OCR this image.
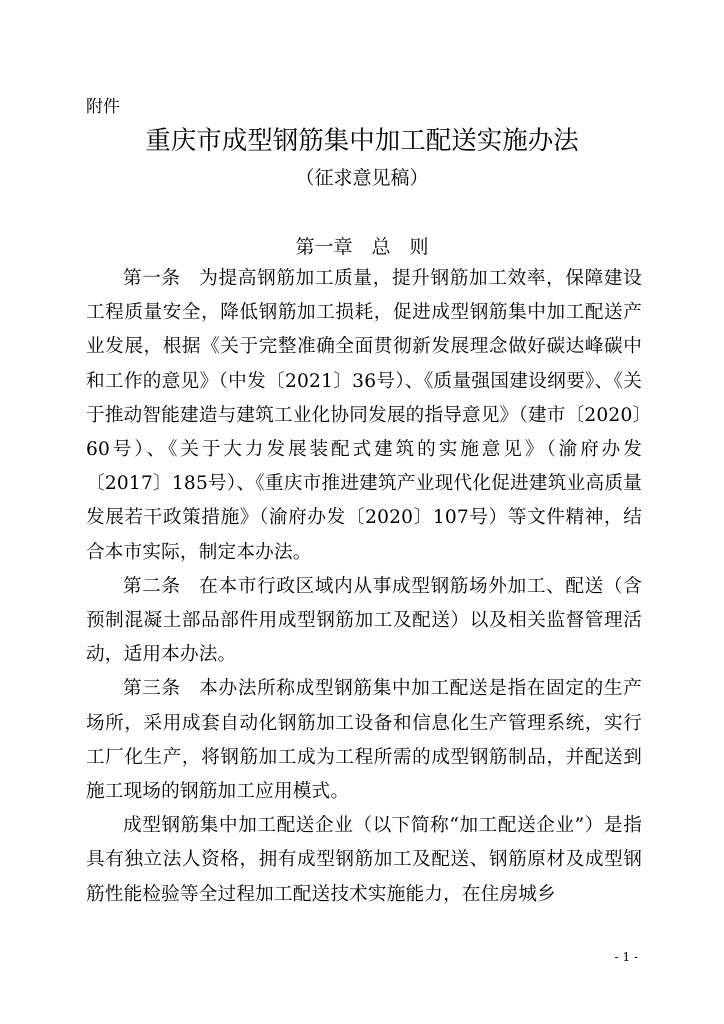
附件
重庆市成型钢筋集中加工配送实施办法
（征求意见稿）
第一章　总　则

第一条 为提高钢筋加工质量，提升钢筋加工效率，保障建设工程质量安全，降低钢筋加工损耗，促进成型钢筋集中加工配送产业发展，根据《关于完整准确全面贯彻新发展理念做好碳达峰碳中和工作的意见》（中发〔2021〕36号）、《质量强国建设纲要》、《关于推动智能建造与建筑工业化协同发展的指导意见》（建市〔2020〕60号）、《关于大力发展装配式建筑的实施意见》（渝府办发〔2017〕185号）、《重庆市推进建筑产业现代化促进建筑业高质量发展若干政策措施》（渝府办发〔2020〕107号）等文件精神，结合本市实际，制定本办法。

第二条 在本市行政区域内从事成型钢筋场外加工、配送（含预制混凝土部品部件用成型钢筋加工及配送）以及相关监督管理活动，适用本办法。

第三条 本办法所称成型钢筋集中加工配送是指在固定的生产场所，采用成套自动化钢筋加工设备和信息化生产管理系统，实行工厂化生产，将钢筋加工成为工程所需的成型钢筋制品，并配送到施工现场的钢筋加工应用模式。

成型钢筋集中加工配送企业（以下简称“加工配送企业”）是指具有独立法人资格，拥有成型钢筋加工及配送、钢筋原材及成型钢筋性能检验等全过程加工配送技术实施能力，在住房城乡

- 1 -
